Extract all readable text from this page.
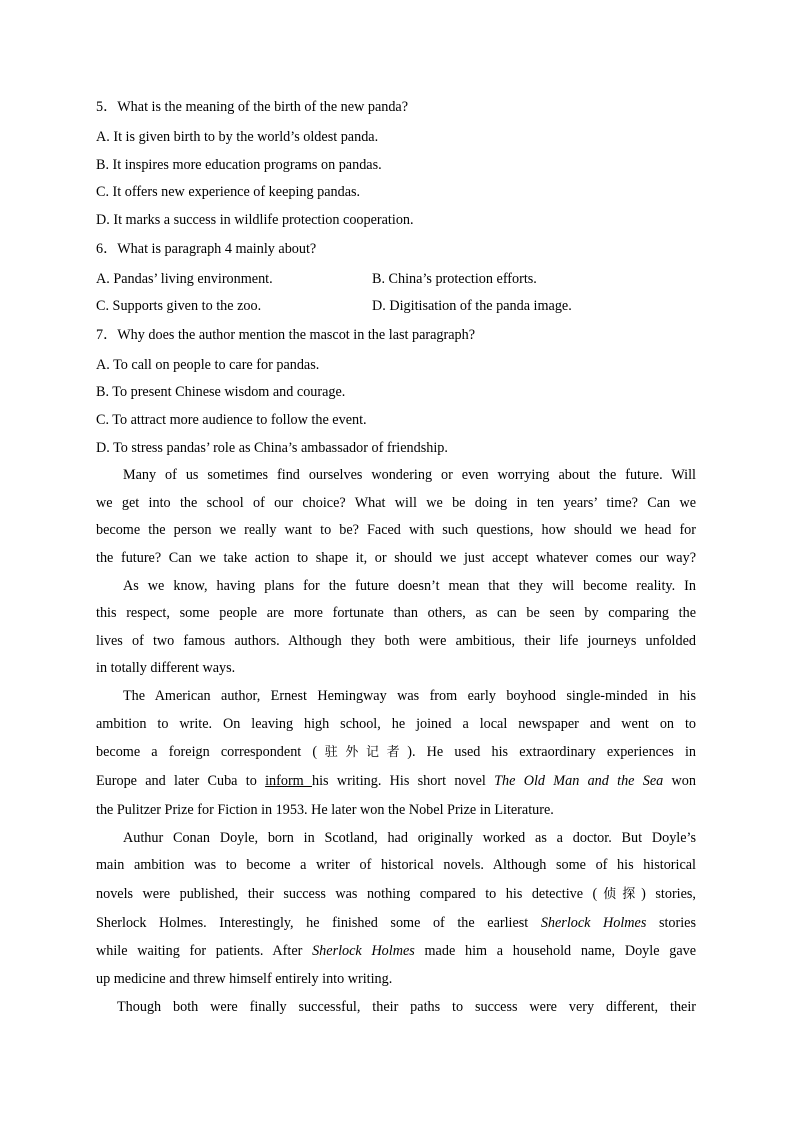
5．What is the meaning of the birth of the new panda?
A. It is given birth to by the world’s oldest panda.
B. It inspires more education programs on pandas.
C. It offers new experience of keeping pandas.
D. It marks a success in wildlife protection cooperation.
6．What is paragraph 4 mainly about?
A. Pandas’ living environment.	B. China’s protection efforts.
C. Supports given to the zoo.	D. Digitisation of the panda image.
7．Why does the author mention the mascot in the last paragraph?
A. To call on people to care for pandas.
B. To present Chinese wisdom and courage.
C. To attract more audience to follow the event.
D. To stress pandas’ role as China’s ambassador of friendship.
Many of us sometimes find ourselves wondering or even worrying about the future. Will
we get into the school of our choice? What will we be doing in ten years’ time? Can we
become the person we really want to be? Faced with such questions, how should we head for
the future? Can we take action to shape it, or should we just accept whatever comes our way?
As we know, having plans for the future doesn’t mean that they will become reality. In
this respect, some people are more fortunate than others, as can be seen by comparing the
lives of two famous authors. Although they both were ambitious, their life journeys unfolded
in totally different ways.
The American author, Ernest Hemingway was from early boyhood single-minded in his
ambition to write. On leaving high school, he joined a local newspaper and went on to
become a foreign correspondent (驻外记者). He used his extraordinary experiences in
Europe and later Cuba to inform his writing. His short novel The Old Man and the Sea won
the Pulitzer Prize for Fiction in 1953. He later won the Nobel Prize in Literature.
Authur Conan Doyle, born in Scotland, had originally worked as a doctor. But Doyle’s
main ambition was to become a writer of historical novels. Although some of his historical
novels were published, their success was nothing compared to his detective (侦探) stories,
Sherlock Holmes. Interestingly, he finished some of the earliest Sherlock Holmes stories
while waiting for patients. After Sherlock Holmes made him a household name, Doyle gave
up medicine and threw himself entirely into writing.
Though both were finally successful, their paths to success were very different, their
